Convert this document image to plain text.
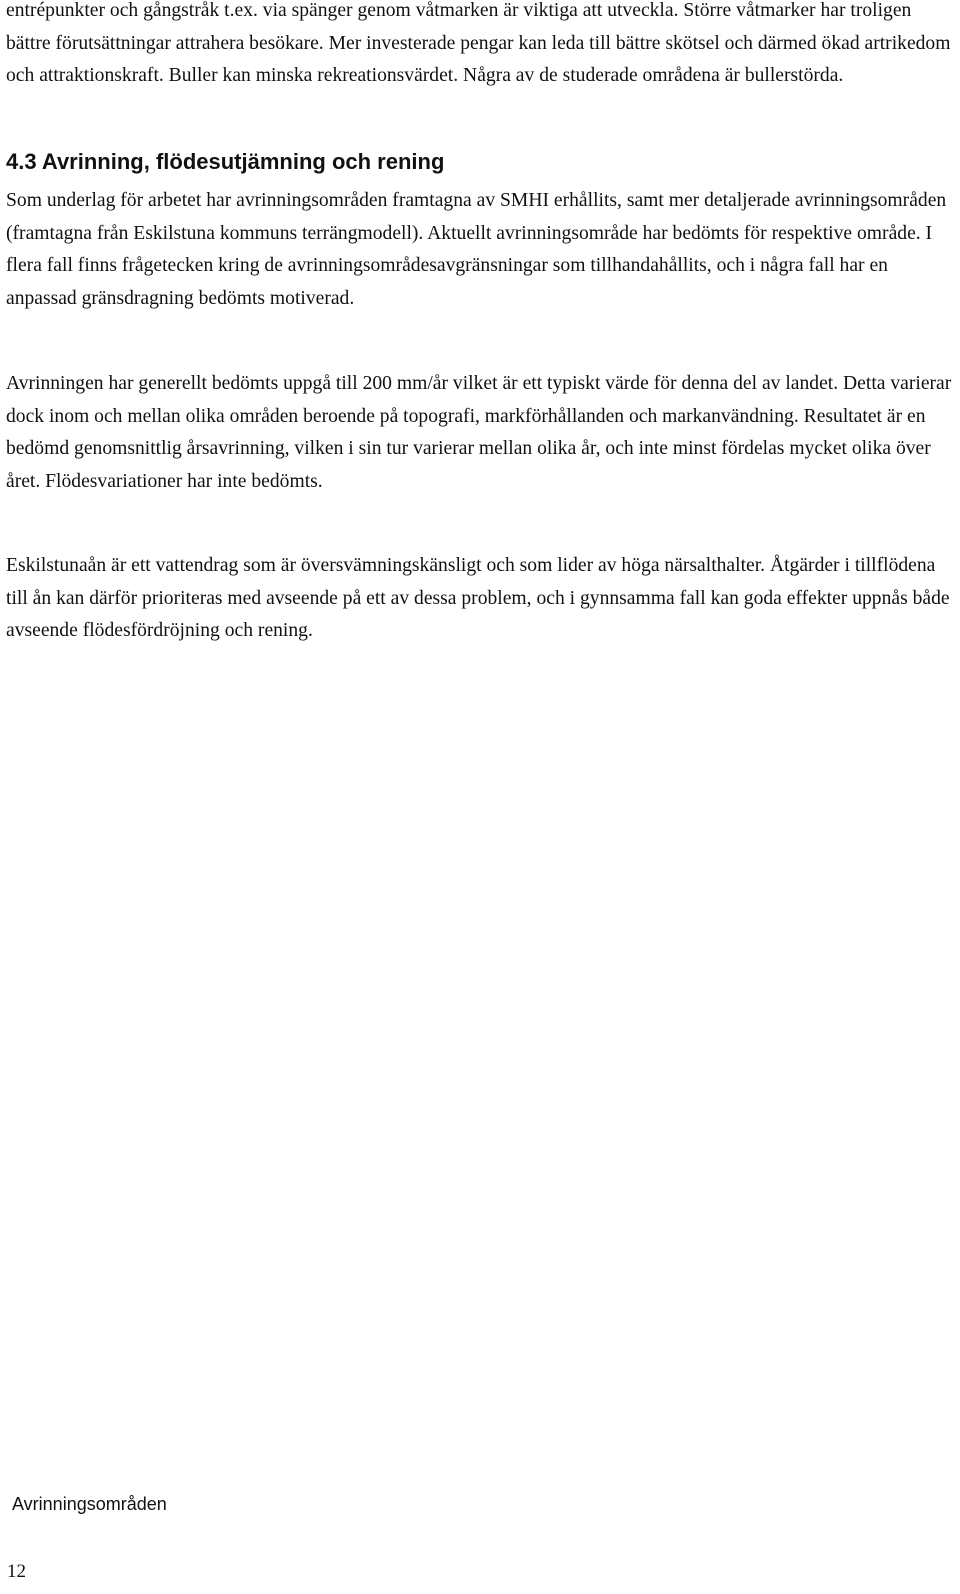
entrépunkter och gångstråk t.ex. via spänger genom våtmarken är viktiga att utveckla. Större våtmarker har troligen bättre förutsättningar attrahera besökare. Mer investerade pengar kan leda till bättre skötsel och därmed ökad artrikedom och attraktionskraft. Buller kan minska rekreationsvärdet. Några av de studerade områdena är bullerstörda.

4.3 Avrinning, flödesutjämning och rening

Som underlag för arbetet har avrinningsområden framtagna av SMHI erhållits, samt mer detaljerade avrinningsområden (framtagna från Eskilstuna kommuns terrängmodell). Aktuellt avrinningsområde har bedömts för respektive område. I flera fall finns frågetecken kring de avrinningsområdesavgränsningar som tillhandahållits, och i några fall har en anpassad gränsdragning bedömts motiverad.

Avrinningen har generellt bedömts uppgå till 200 mm/år vilket är ett typiskt värde för denna del av landet. Detta varierar dock inom och mellan olika områden beroende på topografi, markförhållanden och markanvändning. Resultatet är en bedömd genomsnittlig årsavrinning, vilken i sin tur varierar mellan olika år, och inte minst fördelas mycket olika över året. Flödesvariationer har inte bedömts.

Eskilstunaån är ett vattendrag som är översvämningskänsligt och som lider av höga närsalthalter. Åtgärder i tillflödena till ån kan därför prioriteras med avseende på ett av dessa problem, och i gynnsamma fall kan goda effekter uppnås både avseende flödesfördröjning och rening.

Avrinningsområden

12
